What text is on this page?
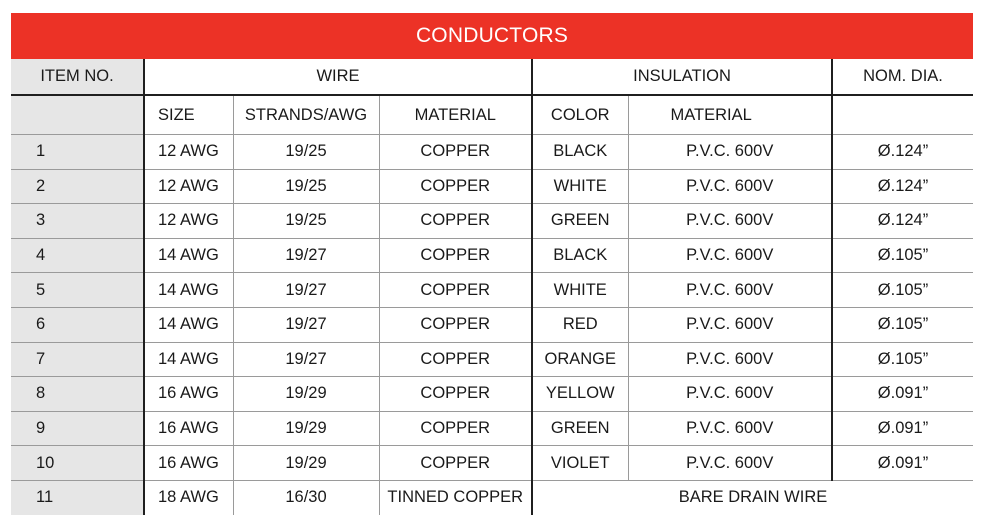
CONDUCTORS
ITEM NO.	WIRE			INSULATION		NOM. DIA.
	SIZE	STRANDS/AWG	MATERIAL	COLOR	MATERIAL	
1	12 AWG	19/25	COPPER	BLACK	P.V.C. 600V	Ø.124”
2	12 AWG	19/25	COPPER	WHITE	P.V.C. 600V	Ø.124”
3	12 AWG	19/25	COPPER	GREEN	P.V.C. 600V	Ø.124”
4	14 AWG	19/27	COPPER	BLACK	P.V.C. 600V	Ø.105”
5	14 AWG	19/27	COPPER	WHITE	P.V.C. 600V	Ø.105”
6	14 AWG	19/27	COPPER	RED	P.V.C. 600V	Ø.105”
7	14 AWG	19/27	COPPER	ORANGE	P.V.C. 600V	Ø.105”
8	16 AWG	19/29	COPPER	YELLOW	P.V.C. 600V	Ø.091”
9	16 AWG	19/29	COPPER	GREEN	P.V.C. 600V	Ø.091”
10	16 AWG	19/29	COPPER	VIOLET	P.V.C. 600V	Ø.091”
11	18 AWG	16/30	TINNED COPPER	BARE DRAIN WIRE		
